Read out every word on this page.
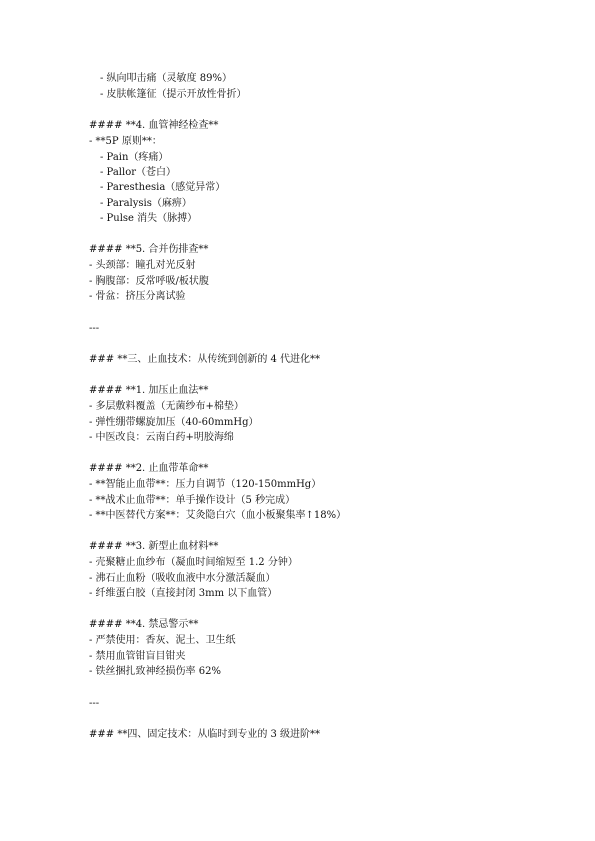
- 纵向叩击痛（灵敏度 89%）
- 皮肤帐篷征（提示开放性骨折）
#### **4. 血管神经检查**
- **5P 原则**：
- Pain（疼痛）
- Pallor（苍白）
- Paresthesia（感觉异常）
- Paralysis（麻痹）
- Pulse 消失（脉搏）
#### **5. 合并伤排查**
- 头颈部：瞳孔对光反射
- 胸腹部：反常呼吸/板状腹
- 骨盆：挤压分离试验
---
### **三、止血技术：从传统到创新的 4 代进化**
#### **1. 加压止血法**
- 多层敷料覆盖（无菌纱布+棉垫）
- 弹性绷带螺旋加压（40-60mmHg）
- 中医改良：云南白药+明胶海绵
#### **2. 止血带革命**
- **智能止血带**：压力自调节（120-150mmHg）
- **战术止血带**：单手操作设计（5 秒完成）
- **中医替代方案**：艾灸隐白穴（血小板聚集率↑18%）
#### **3. 新型止血材料**
- 壳聚糖止血纱布（凝血时间缩短至 1.2 分钟）
- 沸石止血粉（吸收血液中水分激活凝血）
- 纤维蛋白胶（直接封闭 3mm 以下血管）
#### **4. 禁忌警示**
- 严禁使用：香灰、泥土、卫生纸
- 禁用血管钳盲目钳夹
- 铁丝捆扎致神经损伤率 62%
---
### **四、固定技术：从临时到专业的 3 级进阶**
